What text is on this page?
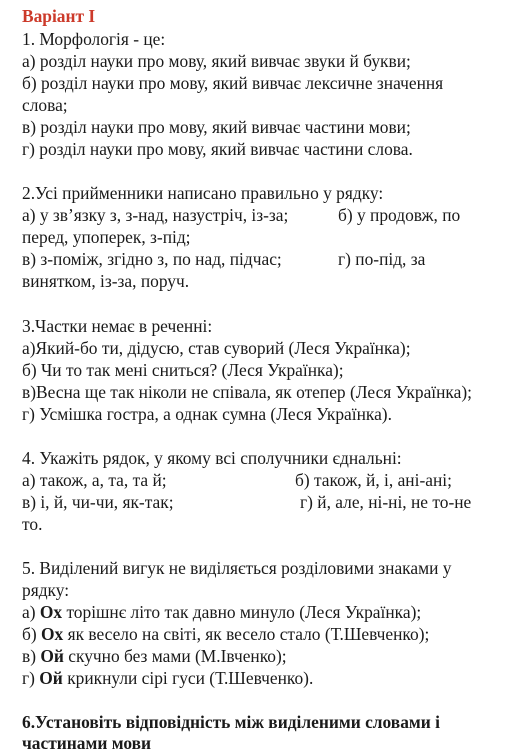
Варіант І
1. Морфологія - це:
а) розділ науки про мову, який вивчає звуки й букви;
б) розділ науки про мову, який вивчає лексичне значення
слова;
в) розділ науки про мову, який вивчає частини мови;
г) розділ науки про мову, який вивчає частини слова.
2.Усі прийменники написано правильно у рядку:
а) у зв’язку з, з-над, назустріч, із-за;	б) у продовж, по
перед, упоперек, з-під;
в) з-поміж, згідно з, по над, підчас;	г) по-під, за
винятком, із-за, поруч.
3.Частки немає в реченні:
а)Який-бо ти, дідусю, став суворий (Леся Українка);
б) Чи то так мені сниться? (Леся Українка);
в)Весна ще так ніколи не співала, як отепер (Леся Українка);
г) Усмішка гостра, а однак сумна (Леся Українка).
4. Укажіть рядок, у якому всі сполучники єднальні:
а) також, а, та, та й;	б) також, й, і, ані-ані;
в) і, й, чи-чи, як-так;	г) й, але, ні-ні, не то-не
то.
5. Виділений вигук не виділяється розділовими знаками у
рядку:
а) Ох торішнє літо так давно минуло (Леся Українка);
б) Ох як весело на світі, як весело стало (Т.Шевченко);
в) Ой скучно без мами (М.Івченко);
г) Ой крикнули сірі гуси (Т.Шевченко).
6.Установіть відповідність між виділеними словами і
частинами мови
